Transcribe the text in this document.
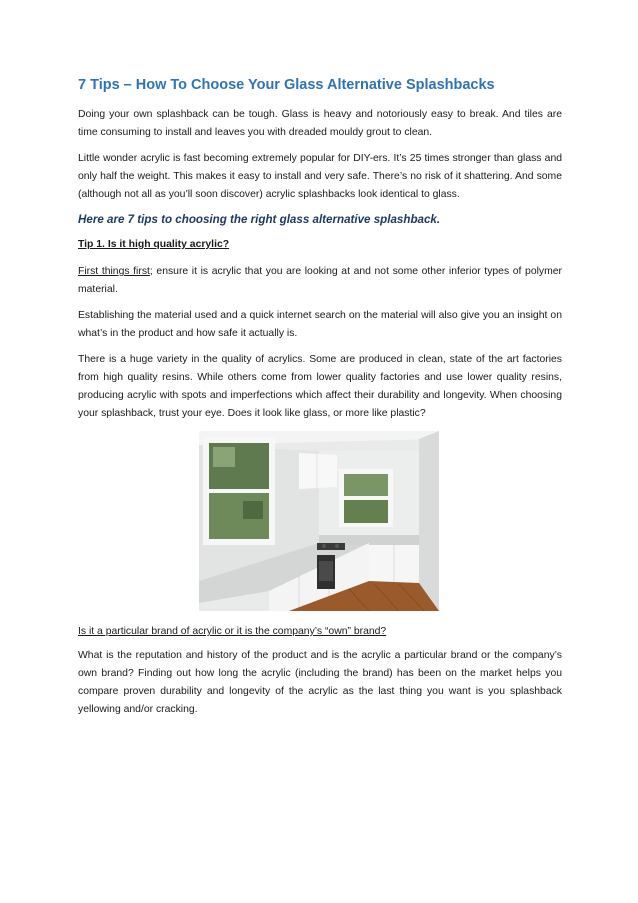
7 Tips – How To Choose Your Glass Alternative Splashbacks

Doing your own splashback can be tough. Glass is heavy and notoriously easy to break. And tiles are time consuming to install and leaves you with dreaded mouldy grout to clean.

Little wonder acrylic is fast becoming extremely popular for DIY-ers. It’s 25 times stronger than glass and only half the weight. This makes it easy to install and very safe. There’s no risk of it shattering. And some (although not all as you’ll soon discover) acrylic splashbacks look identical to glass.

Here are 7 tips to choosing the right glass alternative splashback.
Tip 1. Is it high quality acrylic?

First things first; ensure it is acrylic that you are looking at and not some other inferior types of polymer material.

Establishing the material used and a quick internet search on the material will also give you an insight on what’s in the product and how safe it actually is.

There is a huge variety in the quality of acrylics. Some are produced in clean, state of the art factories from high quality resins. While others come from lower quality factories and use lower quality resins, producing acrylic with spots and imperfections which affect their durability and longevity. When choosing your splashback, trust your eye. Does it look like glass, or more like plastic?

Is it a particular brand of acrylic or it is the company’s “own” brand?

What is the reputation and history of the product and is the acrylic a particular brand or the company’s own brand? Finding out how long the acrylic (including the brand) has been on the market helps you compare proven durability and longevity of the acrylic as the last thing you want is you splashback yellowing and/or cracking.
